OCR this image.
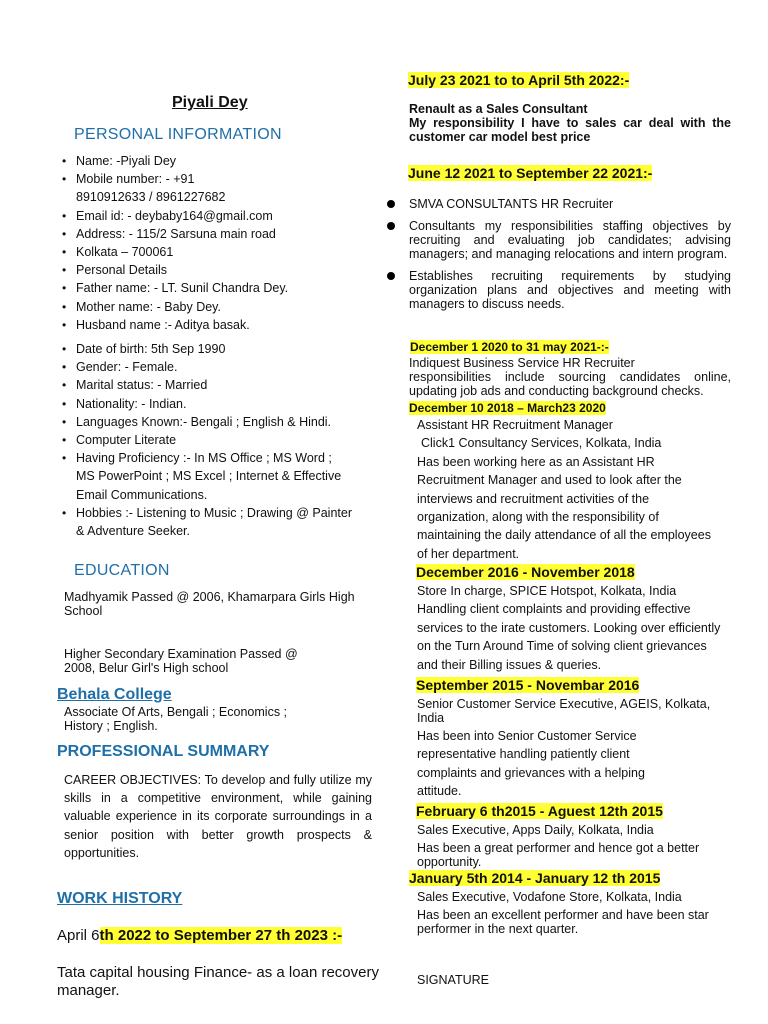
Piyali Dey
PERSONAL INFORMATION
• Name: -Piyali Dey
• Mobile number: - +91
8910912633 / 8961227682
• Email id: - deybaby164@gmail.com
• Address: - 115/2 Sarsuna main road
• Kolkata – 700061
• Personal Details
• Father name: - LT. Sunil Chandra Dey.
• Mother name: - Baby Dey.
• Husband name :- Aditya basak.
• Date of birth: 5th Sep 1990
• Gender: - Female.
• Marital status: - Married
• Nationality: - Indian.
• Languages Known:- Bengali ; English & Hindi.
• Computer Literate
• Having Proficiency :- In MS Office ; MS Word ;
MS PowerPoint ; MS Excel ; Internet & Effective
Email Communications.
• Hobbies :- Listening to Music ; Drawing @ Painter
& Adventure Seeker.
EDUCATION
Madhyamik Passed @ 2006, Khamarpara Girls High
School
Higher Secondary Examination Passed @
2008, Belur Girl's High school
Behala College
Associate Of Arts, Bengali ; Economics ;
History ; English.
PROFESSIONAL SUMMARY
CAREER OBJECTIVES: To develop and fully utilize my skills in a competitive environment, while gaining valuable experience in its corporate surroundings in a senior position with better growth prospects & opportunities.
WORK HISTORY
April 6th 2022 to September 27 th 2023 :-
Tata capital housing Finance- as a loan recovery manager.
July 23 2021 to to April 5th 2022:-
Renault as a Sales Consultant
My responsibility I have to sales car deal with the customer car model best price
June 12 2021 to September 22 2021:-
SMVA CONSULTANTS HR Recruiter
Consultants my responsibilities staffing objectives by recruiting and evaluating job candidates; advising managers; and managing relocations and intern program.
Establishes recruiting requirements by studying organization plans and objectives and meeting with managers to discuss needs.
December 1 2020 to 31 may 2021-:-
Indiquest Business Service HR Recruiter
responsibilities include sourcing candidates online, updating job ads and conducting background checks.
December 10 2018 – March23 2020
Assistant HR Recruitment Manager
Click1 Consultancy Services, Kolkata, India
Has been working here as an Assistant HR
Recruitment Manager and used to look after the
interviews and recruitment activities of the
organization, along with the responsibility of
maintaining the daily attendance of all the employees
of her department.
December 2016 - November 2018
Store In charge, SPICE Hotspot, Kolkata, India
Handling client complaints and providing effective
services to the irate customers. Looking over efficiently
on the Turn Around Time of solving client grievances
and their Billing issues & queries.
September 2015 - Novembar 2016
Senior Customer Service Executive, AGEIS, Kolkata, India
Has been into Senior Customer Service
representative handling patiently client
complaints and grievances with a helping
attitude.
February 6 th2015 - Aguest 12th 2015
Sales Executive, Apps Daily, Kolkata, India
Has been a great performer and hence got a better opportunity.
January 5th 2014 - January 12 th 2015
Sales Executive, Vodafone Store, Kolkata, India
Has been an excellent performer and have been star performer in the next quarter.
SIGNATURE
